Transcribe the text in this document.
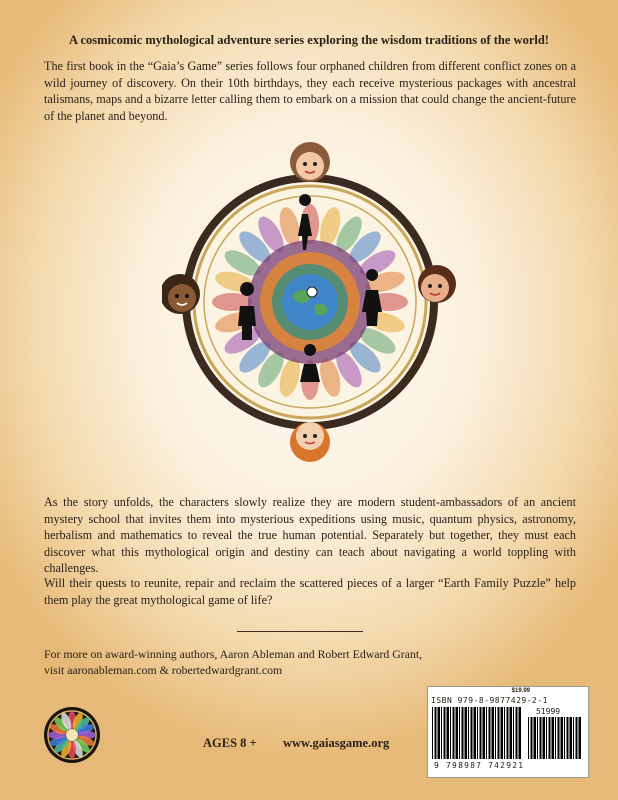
A cosmicomic mythological adventure series exploring the wisdom traditions of the world!

The first book in the “Gaia’s Game” series follows four orphaned children from different conflict zones on a wild journey of discovery. On their 10th birthdays, they each receive mysterious packages with ancestral talismans, maps and a bizarre letter calling them to embark on a mission that could change the ancient-future of the planet and beyond.

As the story unfolds, the characters slowly realize they are modern student-ambassadors of an ancient mystery school that invites them into mysterious expeditions using music, quantum physics, astronomy, herbalism and mathematics to reveal the true human potential. Separately but together, they must each discover what this mythological origin and destiny can teach about navigating a world toppling with challenges.

Will their quests to reunite, repair and reclaim the scattered pieces of a larger “Earth Family Puzzle” help them play the great mythological game of life?

For more on award-winning authors, Aaron Ableman and Robert Edward Grant,
visit aaronableman.com & robertedwardgrant.com
AGES 8 + www.gaiasgame.org
$19.99
ISBN 979-8-9877429-2-1
51999
9 798987 742921
